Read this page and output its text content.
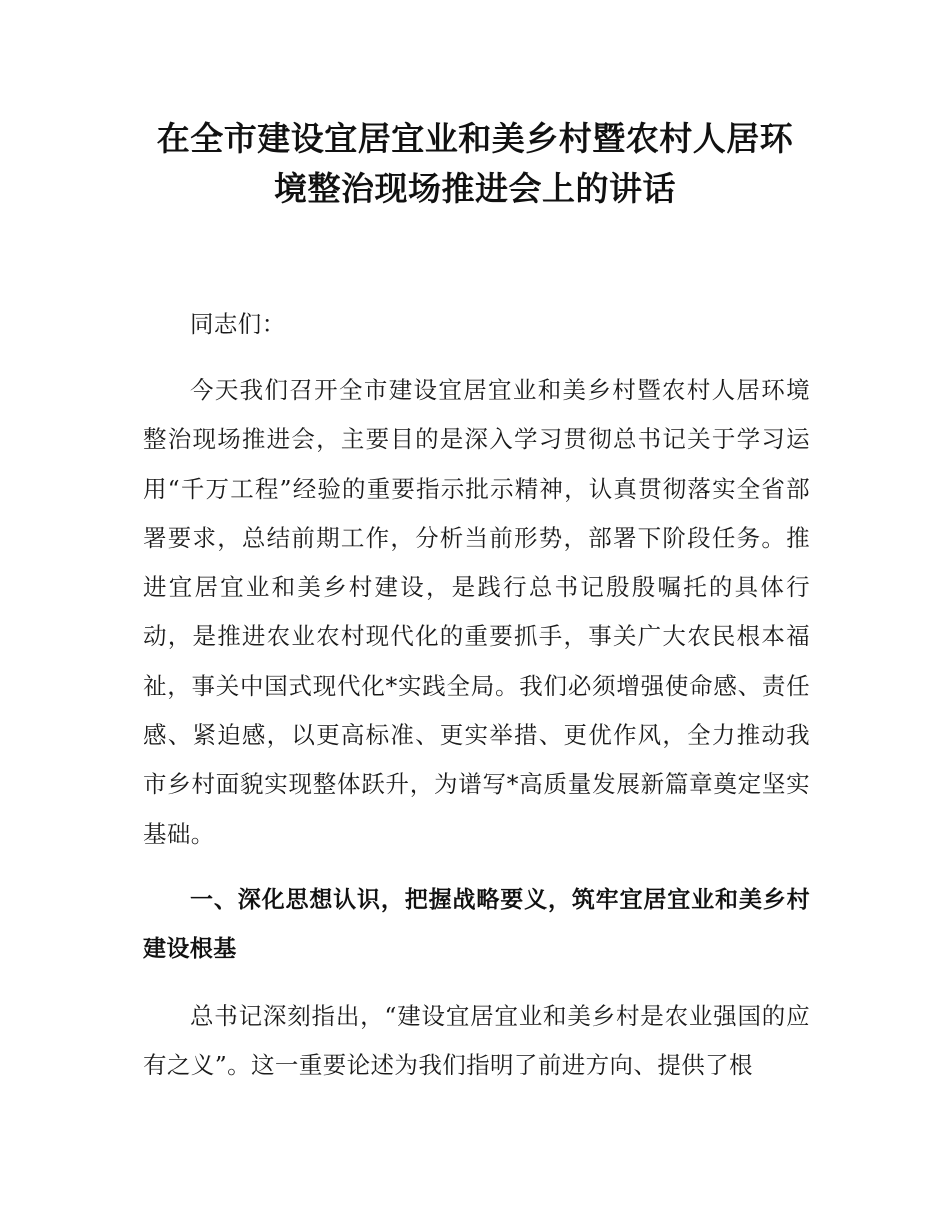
在全市建设宜居宜业和美乡村暨农村人居环
境整治现场推进会上的讲话

同志们：

今天我们召开全市建设宜居宜业和美乡村暨农村人居环境整治现场推进会，主要目的是深入学习贯彻总书记关于学习运用“千万工程”经验的重要指示批示精神，认真贯彻落实全省部署要求，总结前期工作，分析当前形势，部署下阶段任务。推进宜居宜业和美乡村建设，是践行总书记殷殷嘱托的具体行动，是推进农业农村现代化的重要抓手，事关广大农民根本福祉，事关中国式现代化*实践全局。我们必须增强使命感、责任感、紧迫感，以更高标准、更实举措、更优作风，全力推动我市乡村面貌实现整体跃升，为谱写*高质量发展新篇章奠定坚实基础。

一、深化思想认识，把握战略要义，筑牢宜居宜业和美乡村建设根基

总书记深刻指出，“建设宜居宜业和美乡村是农业强国的应有之义”。这一重要论述为我们指明了前进方向、提供了根
